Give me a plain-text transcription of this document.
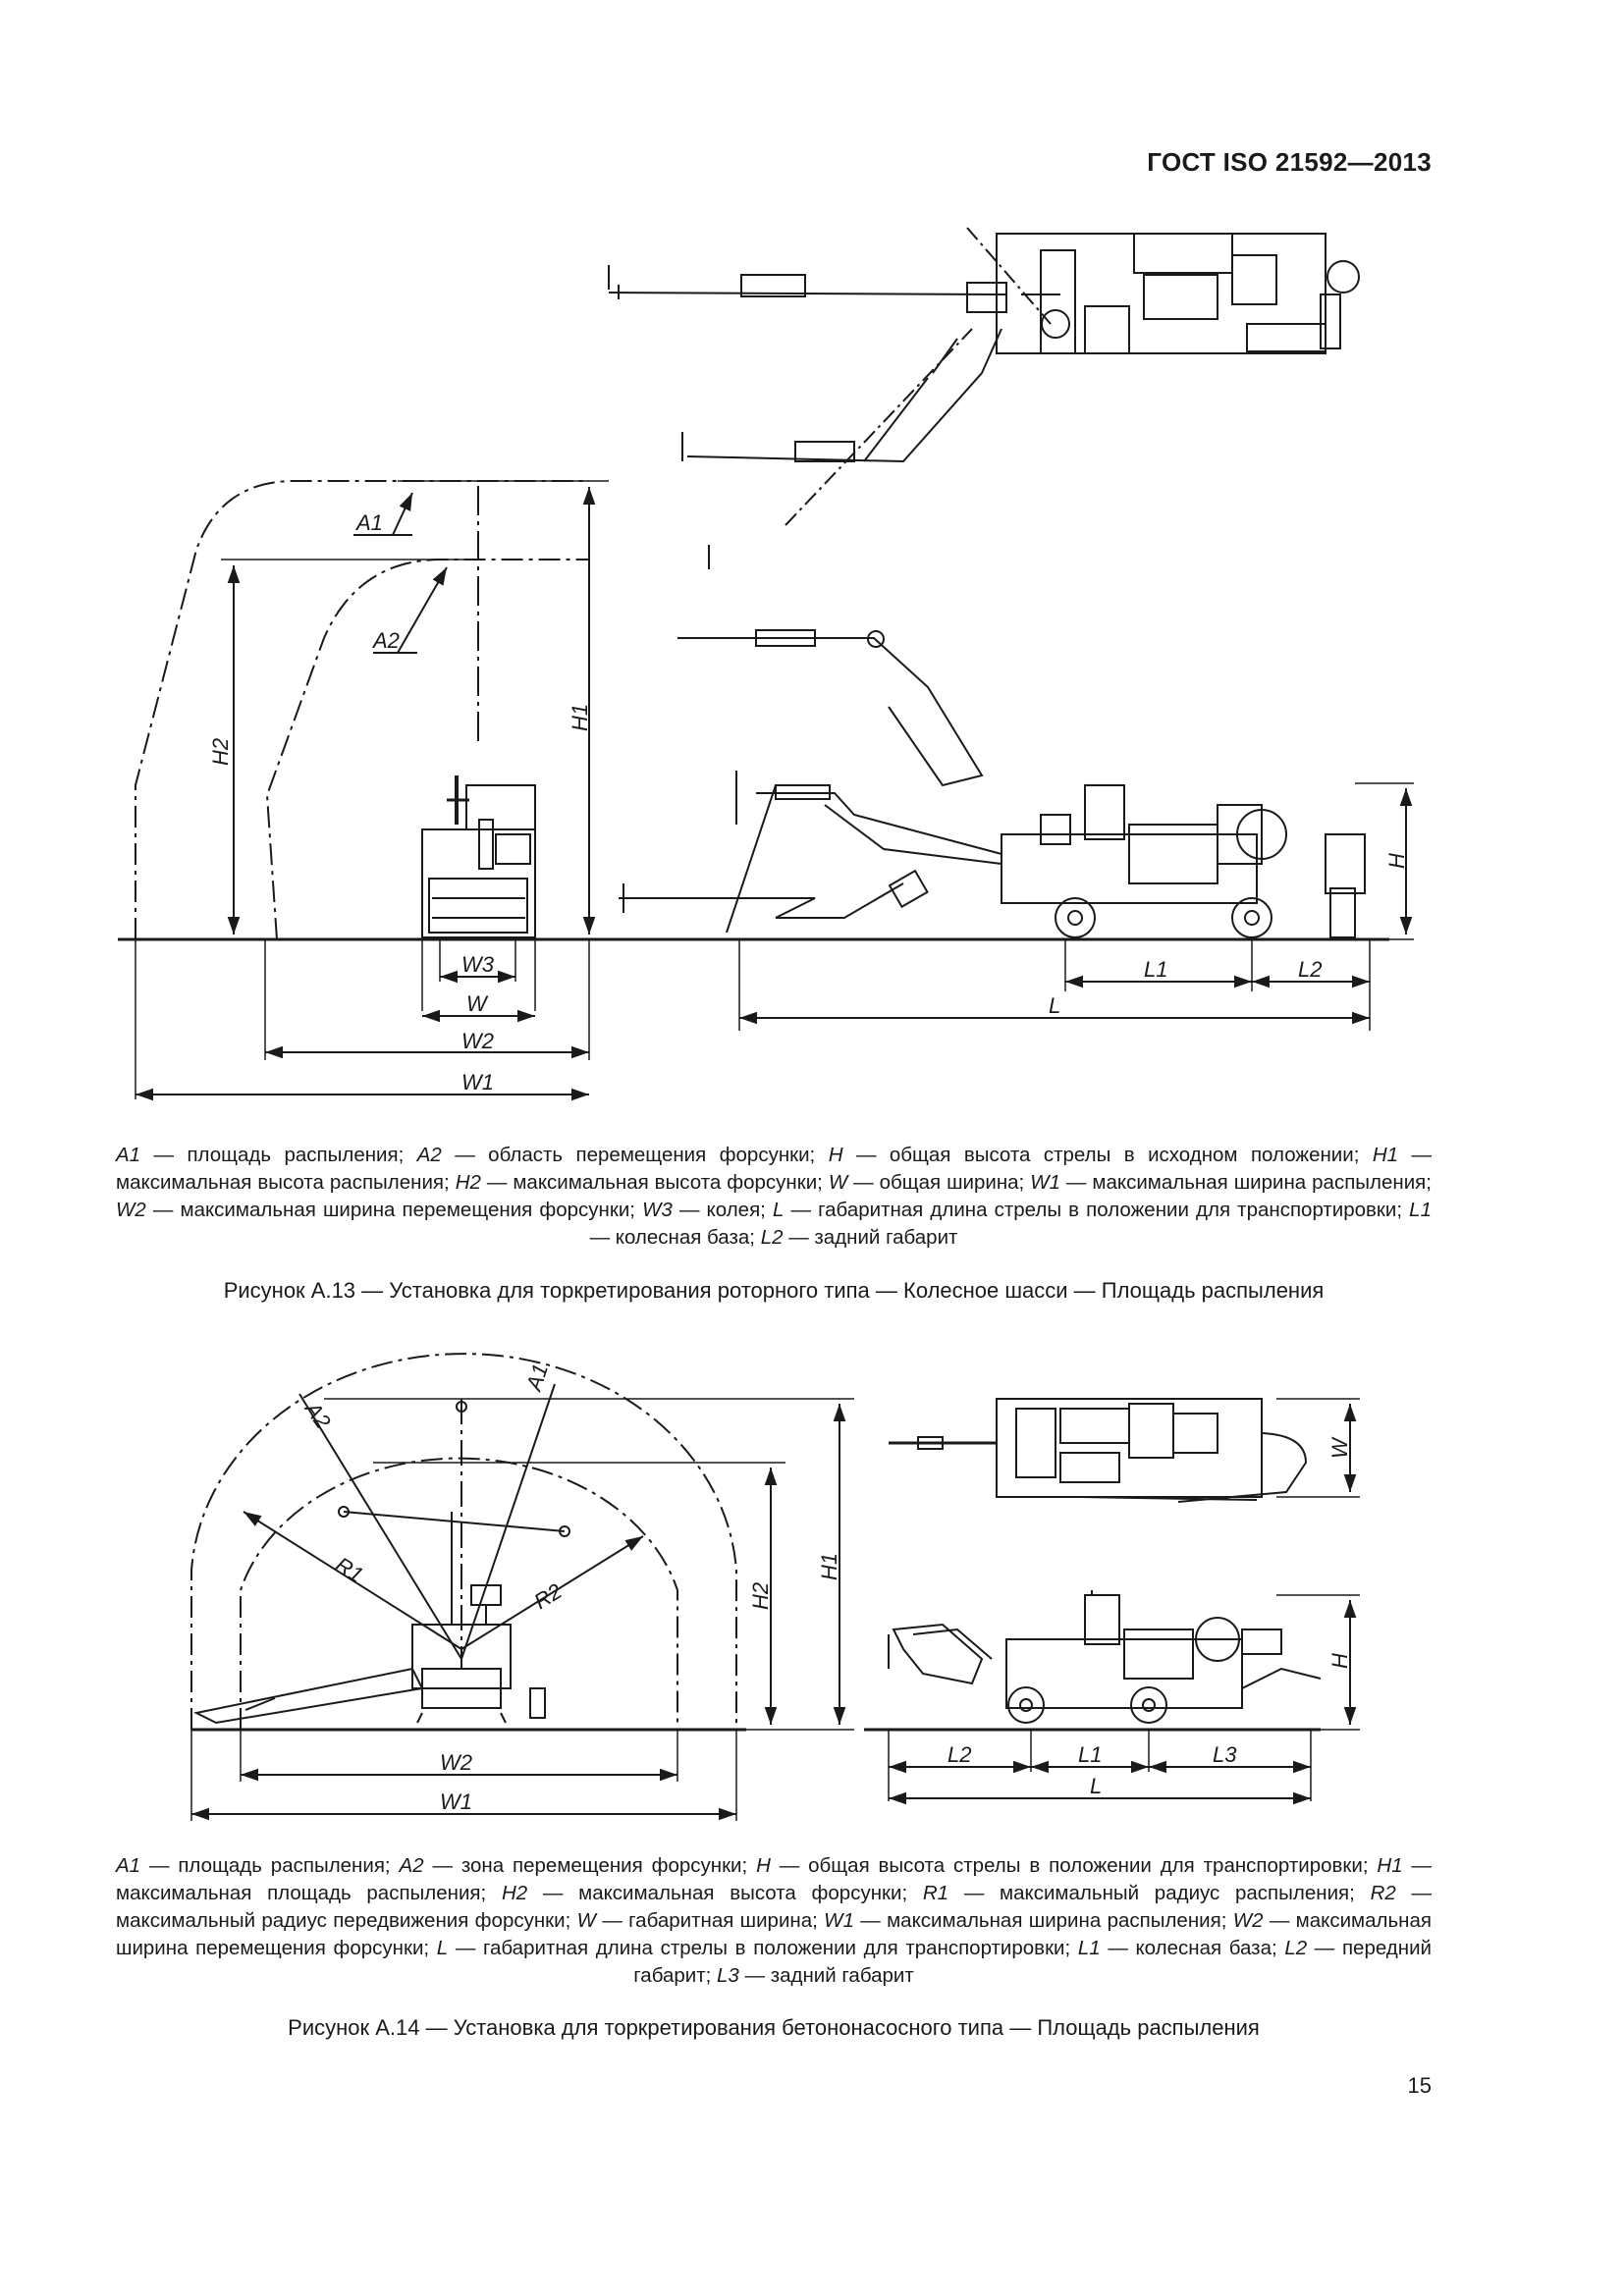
ГОСТ ISO 21592—2013
A1
A2
H1
H2
W3
W
W2
W1
H
L1	L2
L
A1 — площадь распыления; A2 — область перемещения форсунки; H — общая высота стрелы в исходном положении; H1 — максимальная высота распыления; H2 — максимальная высота форсунки; W — общая ширина; W1 — максимальная ширина распыления; W2 — максимальная ширина перемещения форсунки; W3 — колея; L — габаритная длина стрелы в положении для транспортировки; L1 — колесная база; L2 — задний габарит
Рисунок А.13 — Установка для торкретирования роторного типа — Колесное шасси — Площадь распыления
A2
A1
R1
R2	H2
H1
W2
W1
W
H
L2	L1	L3
L
A1 — площадь распыления; A2 — зона перемещения форсунки; H — общая высота стрелы в положении для транспортировки; H1 — максимальная площадь распыления; H2 — максимальная высота форсунки; R1 — максимальный радиус распыления; R2 — максимальный радиус передвижения форсунки; W — габаритная ширина; W1 — максимальная ширина распыления; W2 — максимальная ширина перемещения форсунки; L — габаритная длина стрелы в положении для транспортировки; L1 — колесная база; L2 — передний габарит; L3 — задний габарит
Рисунок А.14 — Установка для торкретирования бетононасосного типа — Площадь распыления
15
